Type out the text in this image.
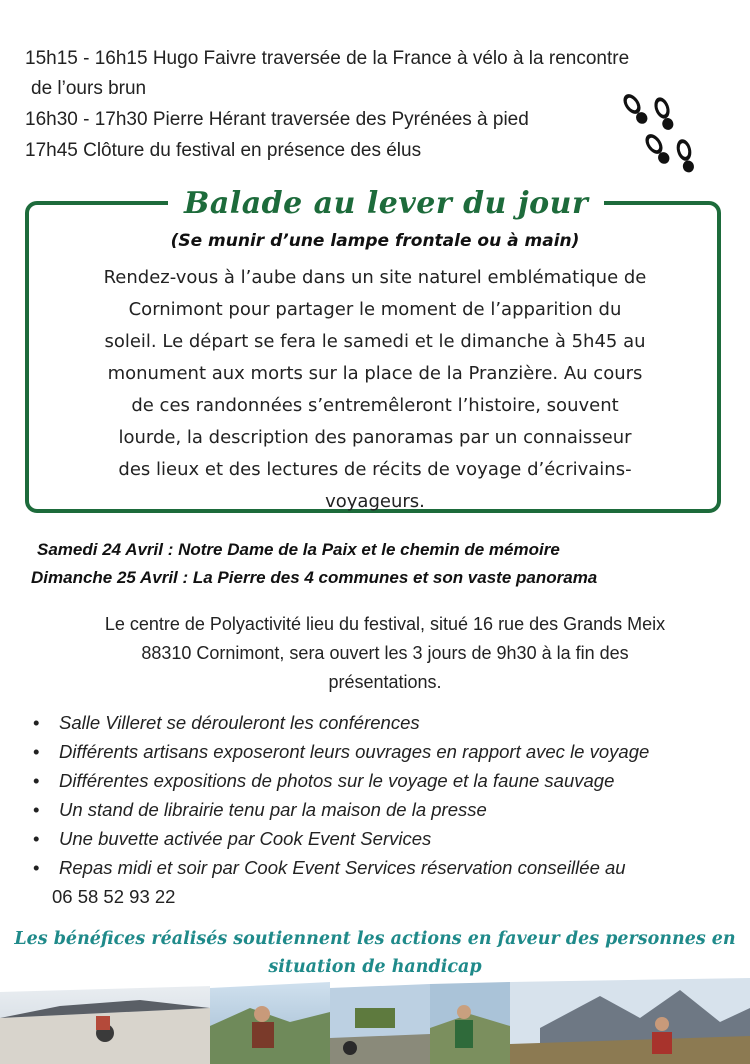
15h15 - 16h15 Hugo Faivre traversée de la France à vélo à la rencontre
de l’ours brun
16h30 - 17h30 Pierre Hérant traversée des Pyrénées à pied
17h45 Clôture du festival en présence des élus
Balade au lever du jour
(Se munir d’une lampe frontale ou à main)
Rendez-vous à l’aube dans un site naturel emblématique de
Cornimont pour partager le moment de l’apparition du
soleil. Le départ se fera le samedi et le dimanche à 5h45 au
monument aux morts sur la place de la Pranzière. Au cours
de ces randonnées s’entremêleront l’histoire, souvent
lourde, la description des panoramas par un connaisseur
des lieux et des lectures de récits de voyage d’écrivains-
voyageurs.
Samedi 24 Avril : Notre Dame de la Paix et le chemin de mémoire
Dimanche 25 Avril : La Pierre des 4 communes et son vaste panorama
Le centre de Polyactivité lieu du festival, situé 16 rue des Grands Meix
88310 Cornimont, sera ouvert les 3 jours de 9h30 à la fin des
présentations.
• Salle Villeret se dérouleront les conférences
• Différents artisans exposeront leurs ouvrages en rapport avec le voyage
• Différentes expositions de photos sur le voyage et la faune sauvage
• Un stand de librairie tenu par la maison de la presse
• Une buvette activée par Cook Event Services
• Repas midi et soir par Cook Event Services réservation conseillée au
06 58 52 93 22
Les bénéfices réalisés soutiennent les actions en faveur des personnes en
situation de handicap
